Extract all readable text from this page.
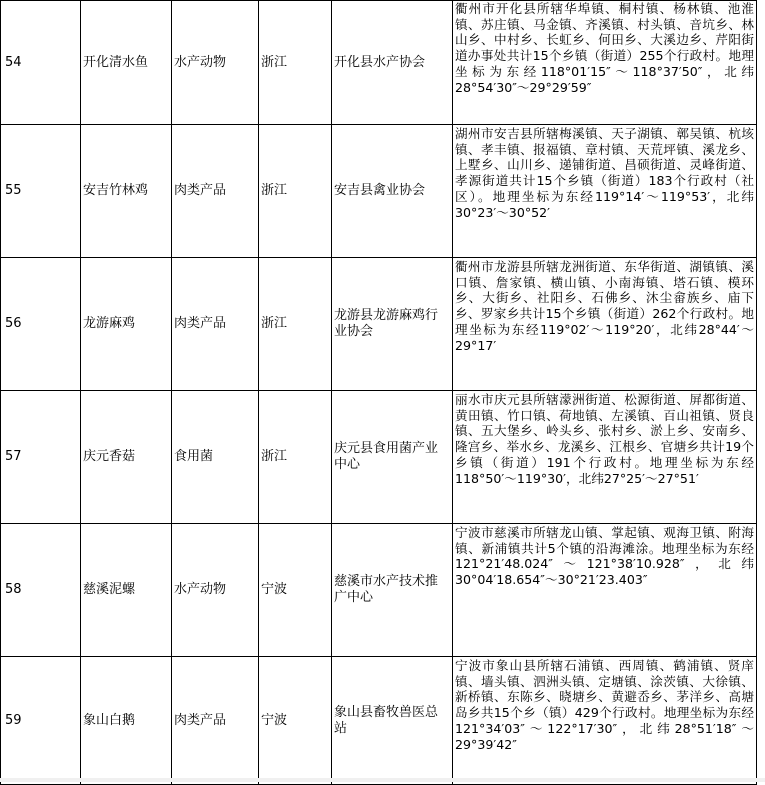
54	开化清水鱼	水产动物	浙江	开化县水产协会	衢州市开化县所辖华埠镇、桐村镇、杨林镇、池淮镇、苏庄镇、马金镇、齐溪镇、村头镇、音坑乡、林山乡、中村乡、长虹乡、何田乡、大溪边乡、芹阳街道办事处共计15个乡镇（街道）255个行政村。地理坐标为东经118°01′15″～118°37′50″，北纬28°54′30″～29°29′59″
55	安吉竹林鸡	肉类产品	浙江	安吉县禽业协会	湖州市安吉县所辖梅溪镇、天子湖镇、鄣吴镇、杭垓镇、孝丰镇、报福镇、章村镇、天荒坪镇、溪龙乡、上墅乡、山川乡、递铺街道、昌硕街道、灵峰街道、孝源街道共计15个乡镇（街道）183个行政村（社区）。地理坐标为东经119°14′～119°53′，北纬30°23′～30°52′
56	龙游麻鸡	肉类产品	浙江	龙游县龙游麻鸡行业协会	衢州市龙游县所辖龙洲街道、东华街道、湖镇镇、溪口镇、詹家镇、横山镇、小南海镇、塔石镇、模环乡、大街乡、社阳乡、石佛乡、沐尘畲族乡、庙下乡、罗家乡共计15个乡镇（街道）262个行政村。地理坐标为东经119°02′～119°20′，北纬28°44′～29°17′
57	庆元香菇	食用菌	浙江	庆元县食用菌产业中心	丽水市庆元县所辖濛洲街道、松源街道、屏都街道、黄田镇、竹口镇、荷地镇、左溪镇、百山祖镇、贤良镇、五大堡乡、岭头乡、张村乡、淤上乡、安南乡、隆宫乡、举水乡、龙溪乡、江根乡、官塘乡共计19个乡镇（街道）191个行政村。地理坐标为东经118°50′～119°30′，北纬27°25′～27°51′
58	慈溪泥螺	水产动物	宁波	慈溪市水产技术推广中心	宁波市慈溪市所辖龙山镇、掌起镇、观海卫镇、附海镇、新浦镇共计5个镇的沿海滩涂。地理坐标为东经121°21′48.024″～121°38′10.928″，北纬30°04′18.654″～30°21′23.403″
59	象山白鹅	肉类产品	宁波	象山县畜牧兽医总站	宁波市象山县所辖石浦镇、西周镇、鹤浦镇、贤庠镇、墙头镇、泗洲头镇、定塘镇、涂茨镇、大徐镇、新桥镇、东陈乡、晓塘乡、黄避岙乡、茅洋乡、高塘岛乡共15个乡（镇）429个行政村。地理坐标为东经121°34′03″～122°17′30″，北纬28°51′18″～29°39′42″
